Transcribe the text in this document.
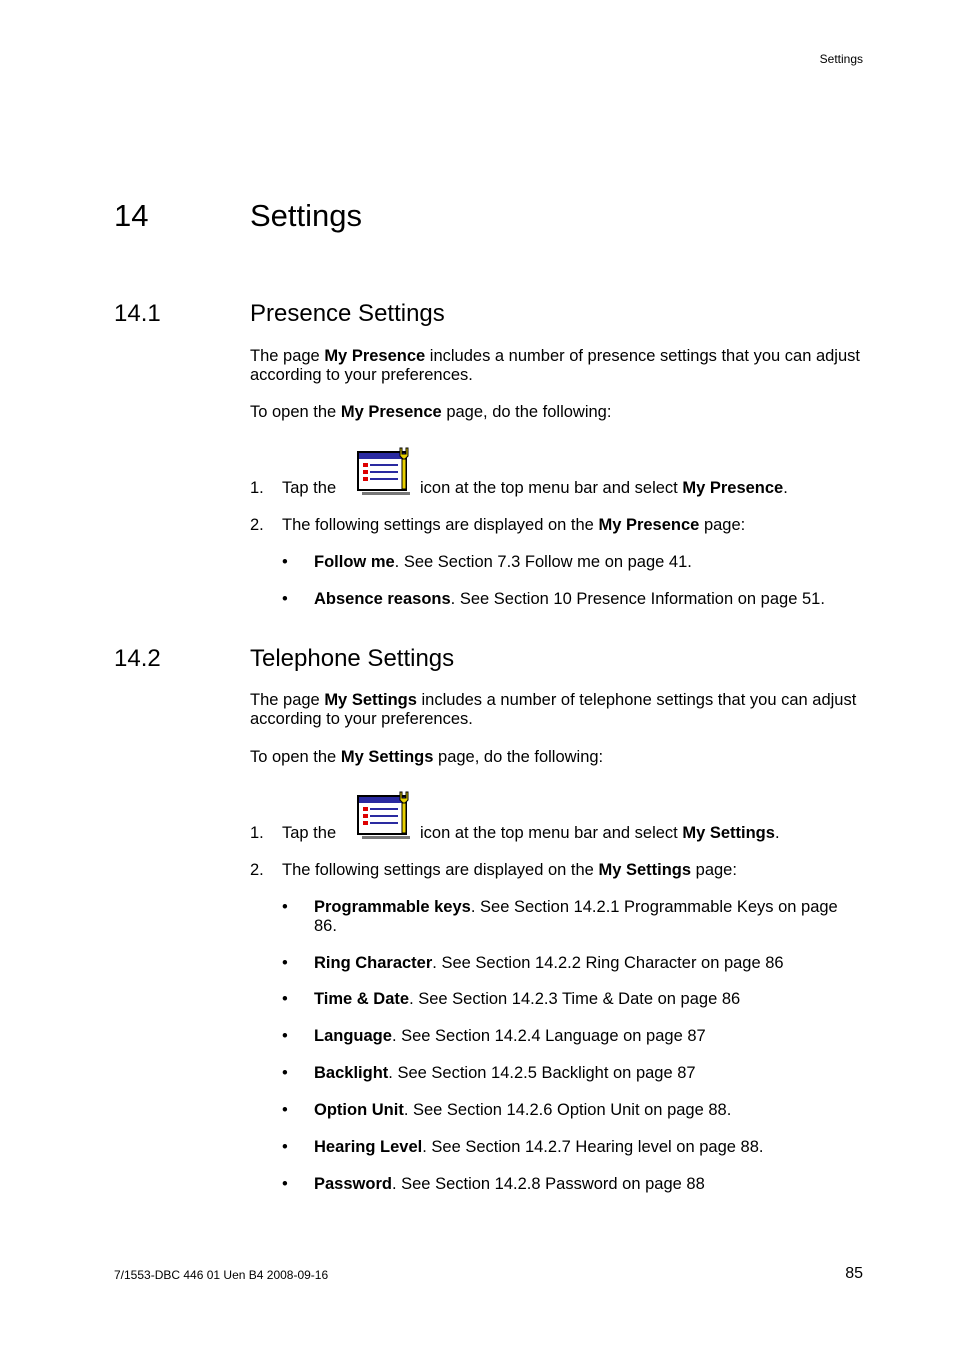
Settings
14	Settings
14.1	Presence Settings
The page My Presence includes a number of presence settings that you can adjust according to your preferences.
To open the My Presence page, do the following:
1. Tap the	icon at the top menu bar and select My Presence.
2. The following settings are displayed on the My Presence page:
• Follow me. See Section 7.3 Follow me on page 41.
• Absence reasons. See Section 10 Presence Information on page 51.
14.2	Telephone Settings
The page My Settings includes a number of telephone settings that you can adjust according to your preferences.
To open the My Settings page, do the following:
1. Tap the	icon at the top menu bar and select My Settings.
2. The following settings are displayed on the My Settings page:
• Programmable keys. See Section 14.2.1 Programmable Keys on page 86.
• Ring Character. See Section 14.2.2 Ring Character on page 86
• Time & Date. See Section 14.2.3 Time & Date on page 86
• Language. See Section 14.2.4 Language on page 87
• Backlight. See Section 14.2.5 Backlight on page 87
• Option Unit. See Section 14.2.6 Option Unit on page 88.
• Hearing Level. See Section 14.2.7 Hearing level on page 88.
• Password. See Section 14.2.8 Password on page 88
7/1553-DBC 446 01 Uen B4 2008-09-16	85
